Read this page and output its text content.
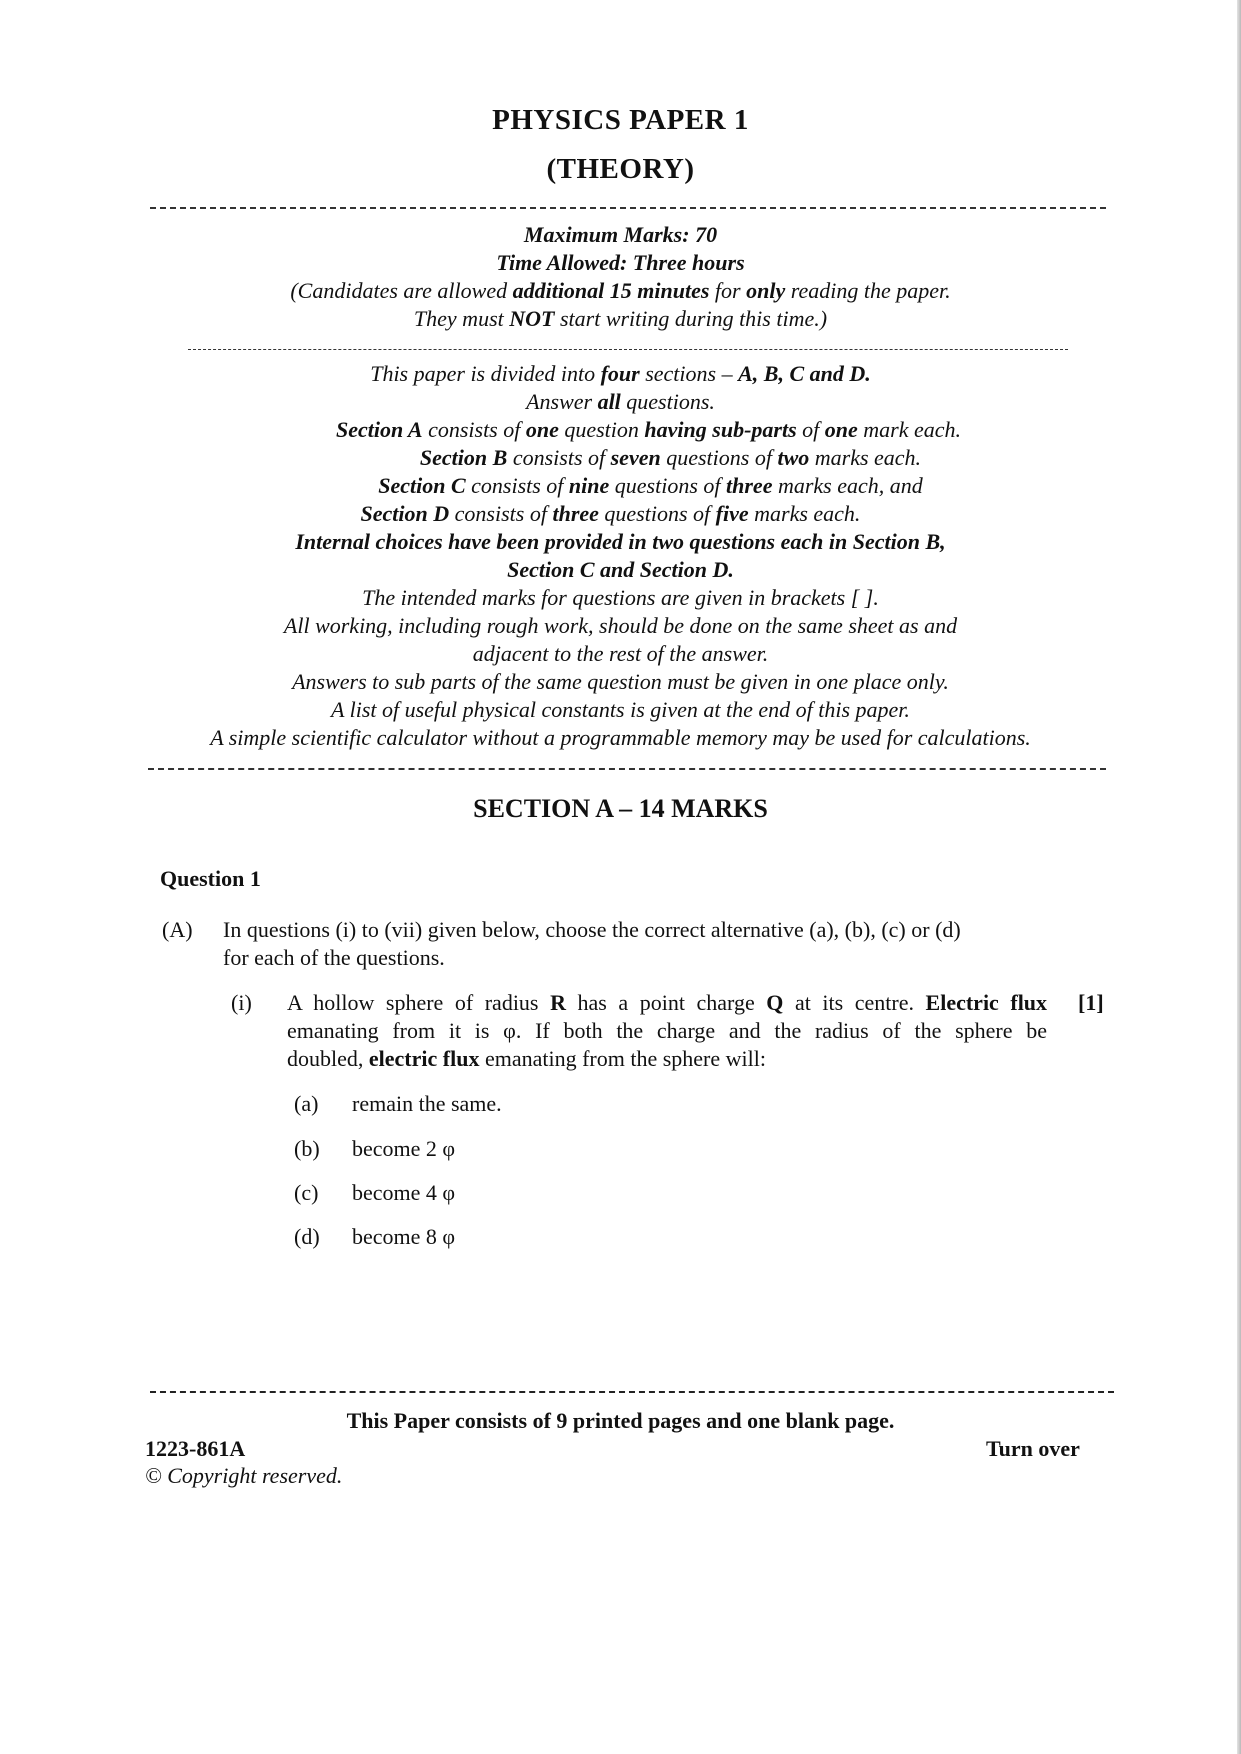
PHYSICS PAPER 1
(THEORY)
Maximum Marks: 70
Time Allowed: Three hours
(Candidates are allowed additional 15 minutes for only reading the paper.
They must NOT start writing during this time.)
This paper is divided into four sections – A, B, C and D.
Answer all questions.
Section A consists of one question having sub-parts of one mark each.
Section B consists of seven questions of two marks each.
Section C consists of nine questions of three marks each, and
Section D consists of three questions of five marks each.
Internal choices have been provided in two questions each in Section B,
Section C and Section D.
The intended marks for questions are given in brackets [ ].
All working, including rough work, should be done on the same sheet as and
adjacent to the rest of the answer.
Answers to sub parts of the same question must be given in one place only.
A list of useful physical constants is given at the end of this paper.
A simple scientific calculator without a programmable memory may be used for calculations.
SECTION A – 14 MARKS
Question 1
(A) In questions (i) to (vii) given below, choose the correct alternative (a), (b), (c) or (d)
for each of the questions.
(i) A hollow sphere of radius R has a point charge Q at its centre. Electric flux [1]
emanating from it is φ. If both the charge and the radius of the sphere be
doubled, electric flux emanating from the sphere will:
(a) remain the same.
(b) become 2 φ
(c) become 4 φ
(d) become 8 φ
This Paper consists of 9 printed pages and one blank page.
1223-861A	Turn over
© Copyright reserved.
